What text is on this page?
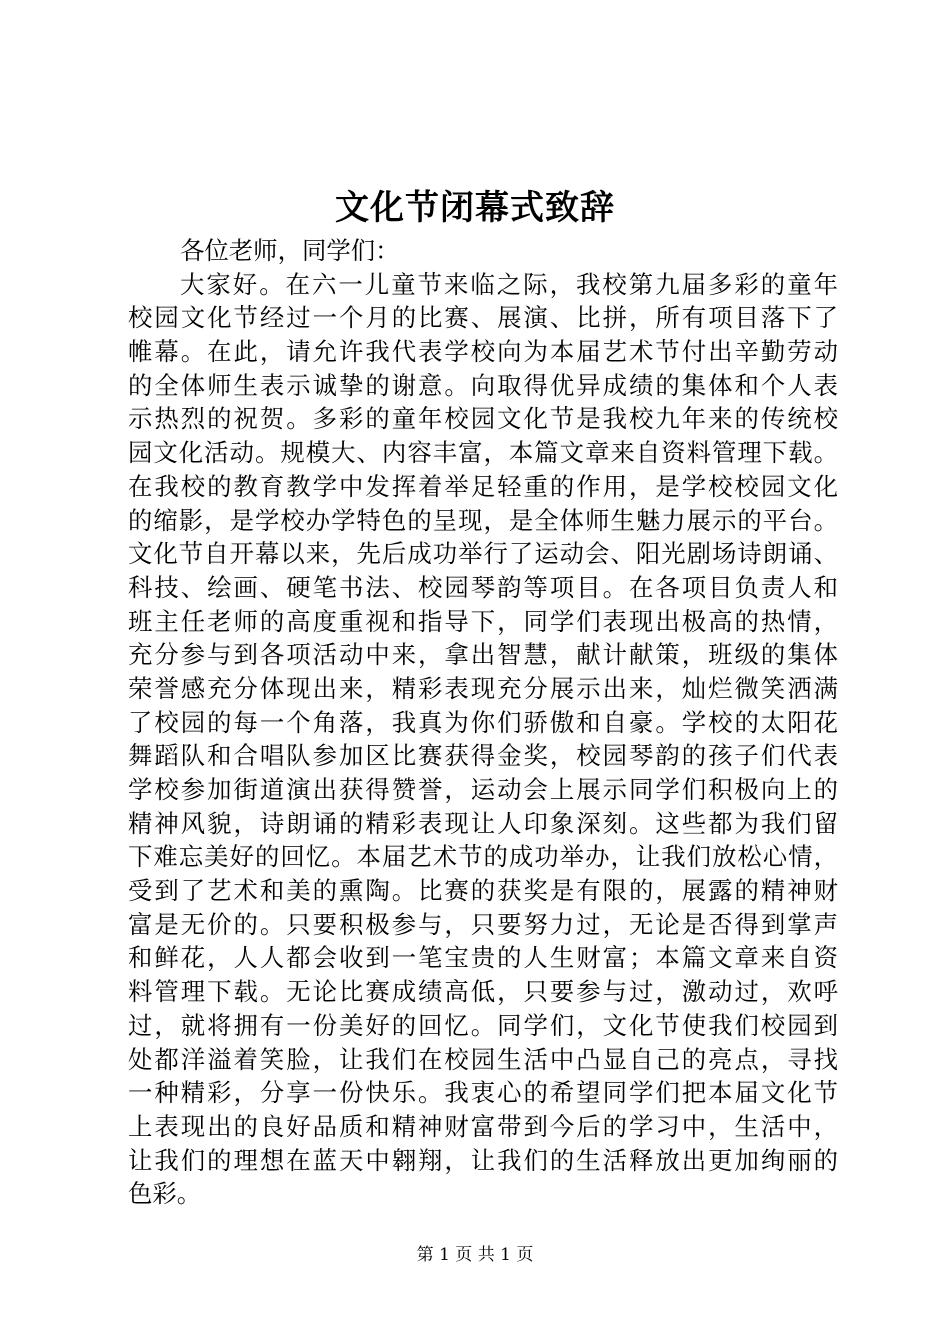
文化节闭幕式致辞
各位老师，同学们：
大家好。在六一儿童节来临之际，我校第九届多彩的童年
校园文化节经过一个月的比赛、展演、比拼，所有项目落下了
帷幕。在此，请允许我代表学校向为本届艺术节付出辛勤劳动
的全体师生表示诚挚的谢意。向取得优异成绩的集体和个人表
示热烈的祝贺。多彩的童年校园文化节是我校九年来的传统校
园文化活动。规模大、内容丰富，本篇文章来自资料管理下载。
在我校的教育教学中发挥着举足轻重的作用，是学校校园文化
的缩影，是学校办学特色的呈现，是全体师生魅力展示的平台。
文化节自开幕以来，先后成功举行了运动会、阳光剧场诗朗诵、
科技、绘画、硬笔书法、校园琴韵等项目。在各项目负责人和
班主任老师的高度重视和指导下，同学们表现出极高的热情，
充分参与到各项活动中来，拿出智慧，献计献策，班级的集体
荣誉感充分体现出来，精彩表现充分展示出来，灿烂微笑洒满
了校园的每一个角落，我真为你们骄傲和自豪。学校的太阳花
舞蹈队和合唱队参加区比赛获得金奖，校园琴韵的孩子们代表
学校参加街道演出获得赞誉，运动会上展示同学们积极向上的
精神风貌，诗朗诵的精彩表现让人印象深刻。这些都为我们留
下难忘美好的回忆。本届艺术节的成功举办，让我们放松心情，
受到了艺术和美的熏陶。比赛的获奖是有限的，展露的精神财
富是无价的。只要积极参与，只要努力过，无论是否得到掌声
和鲜花，人人都会收到一笔宝贵的人生财富；本篇文章来自资
料管理下载。无论比赛成绩高低，只要参与过，激动过，欢呼
过，就将拥有一份美好的回忆。同学们，文化节使我们校园到
处都洋溢着笑脸，让我们在校园生活中凸显自己的亮点，寻找
一种精彩，分享一份快乐。我衷心的希望同学们把本届文化节
上表现出的良好品质和精神财富带到今后的学习中，生活中，
让我们的理想在蓝天中翱翔，让我们的生活释放出更加绚丽的
色彩。
第 1 页 共 1 页
